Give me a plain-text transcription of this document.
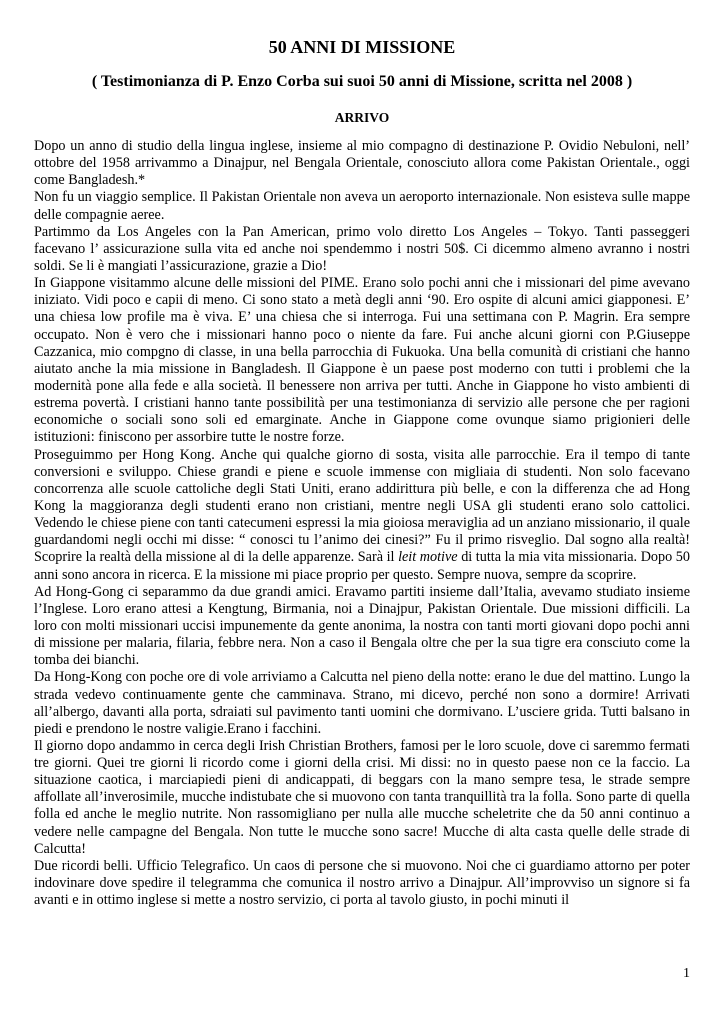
50 ANNI DI MISSIONE
( Testimonianza di P. Enzo Corba sui suoi 50 anni di Missione, scritta nel 2008 )
ARRIVO

Dopo un anno di studio della lingua inglese, insieme al mio compagno di destinazione P. Ovidio Nebuloni, nell’ ottobre del 1958 arrivammo a Dinajpur, nel Bengala Orientale, conosciuto allora come Pakistan Orientale., oggi come Bangladesh.*

Non fu un viaggio semplice. Il Pakistan Orientale non aveva un aeroporto internazionale. Non esisteva sulle mappe delle compagnie aeree.

Partimmo da Los Angeles con la Pan American, primo volo diretto Los Angeles – Tokyo. Tanti passeggeri facevano l’ assicurazione sulla vita ed anche noi spendemmo i nostri 50$. Ci dicemmo almeno avranno i nostri soldi. Se li è mangiati l’assicurazione, grazie a Dio!

In Giappone visitammo alcune delle missioni del PIME. Erano solo pochi anni che i missionari del pime avevano iniziato. Vidi poco e capii di meno. Ci sono stato a metà degli anni ‘90. Ero ospite di alcuni amici giapponesi. E’ una chiesa low profile ma è viva. E’ una chiesa che si interroga. Fui una settimana con P. Magrin. Era sempre occupato. Non è vero che i missionari hanno poco o niente da fare. Fui anche alcuni giorni con P.Giuseppe Cazzanica, mio compgno di classe, in una bella parrocchia di Fukuoka. Una bella comunità di cristiani che hanno aiutato anche la mia missione in Bangladesh. Il Giappone è un paese post moderno con tutti i problemi che la modernità pone alla fede e alla società. Il benessere non arriva per tutti. Anche in Giappone ho visto ambienti di estrema povertà. I cristiani hanno tante possibilità per una testimonianza di servizio alle persone che per ragioni economiche o sociali sono soli ed emarginate. Anche in Giappone come ovunque siamo prigionieri delle istituzioni: finiscono per assorbire tutte le nostre forze.

Proseguimmo per Hong Kong. Anche qui qualche giorno di sosta, visita alle parrocchie. Era il tempo di tante conversioni e sviluppo. Chiese grandi e piene e scuole immense con migliaia di studenti. Non solo facevano concorrenza alle scuole cattoliche degli Stati Uniti, erano addirittura più belle, e con la differenza che ad Hong Kong la maggioranza degli studenti erano non cristiani, mentre negli USA gli studenti erano solo cattolici. Vedendo le chiese piene con tanti catecumeni espressi la mia gioiosa meraviglia ad un anziano missionario, il quale guardandomi negli occhi mi disse: “ conosci tu l’animo dei cinesi?” Fu il primo risveglio. Dal sogno alla realtà! Scoprire la realtà della missione al di la delle apparenze. Sarà il leit motive di tutta la mia vita missionaria. Dopo 50 anni sono ancora in ricerca. E la missione mi piace proprio per questo. Sempre nuova, sempre da scoprire.

Ad Hong-Gong ci separammo da due grandi amici. Eravamo partiti insieme dall’Italia, avevamo studiato insieme l’Inglese. Loro erano attesi a Kengtung, Birmania, noi a Dinajpur, Pakistan Orientale. Due missioni difficili. La loro con molti missionari uccisi impunemente da gente anonima, la nostra con tanti morti giovani dopo pochi anni di missione per malaria, filaria, febbre nera. Non a caso il Bengala oltre che per la sua tigre era consciuto come la tomba dei bianchi.

Da Hong-Kong con poche ore di vole arriviamo a Calcutta nel pieno della notte: erano le due del mattino. Lungo la strada vedevo continuamente gente che camminava. Strano, mi dicevo, perché non sono a dormire! Arrivati all’albergo, davanti alla porta, sdraiati sul pavimento tanti uomini che dormivano. L’usciere grida. Tutti balsano in piedi e prendono le nostre valigie.Erano i facchini.

Il giorno dopo andammo in cerca degli Irish Christian Brothers, famosi per le loro scuole, dove ci saremmo fermati tre giorni. Quei tre giorni li ricordo come i giorni della crisi. Mi dissi: no in questo paese non ce la faccio. La situazione caotica, i marciapiedi pieni di andicappati, di beggars con la mano sempre tesa, le strade sempre affollate all’inverosimile, mucche indistubate che si muovono con tanta tranquillità tra la folla. Sono parte di quella folla ed anche le meglio nutrite. Non rassomigliano per nulla alle mucche scheletrite che da 50 anni continuo a vedere nelle campagne del Bengala. Non tutte le mucche sono sacre! Mucche di alta casta quelle delle strade di Calcutta!

Due ricordi belli. Ufficio Telegrafico. Un caos di persone che si muovono. Noi che ci guardiamo attorno per poter indovinare dove spedire il telegramma che comunica il nostro arrivo a Dinajpur. All’improvviso un signore si fa avanti e in ottimo inglese si mette a nostro servizio, ci porta al tavolo giusto, in pochi minuti il

1
